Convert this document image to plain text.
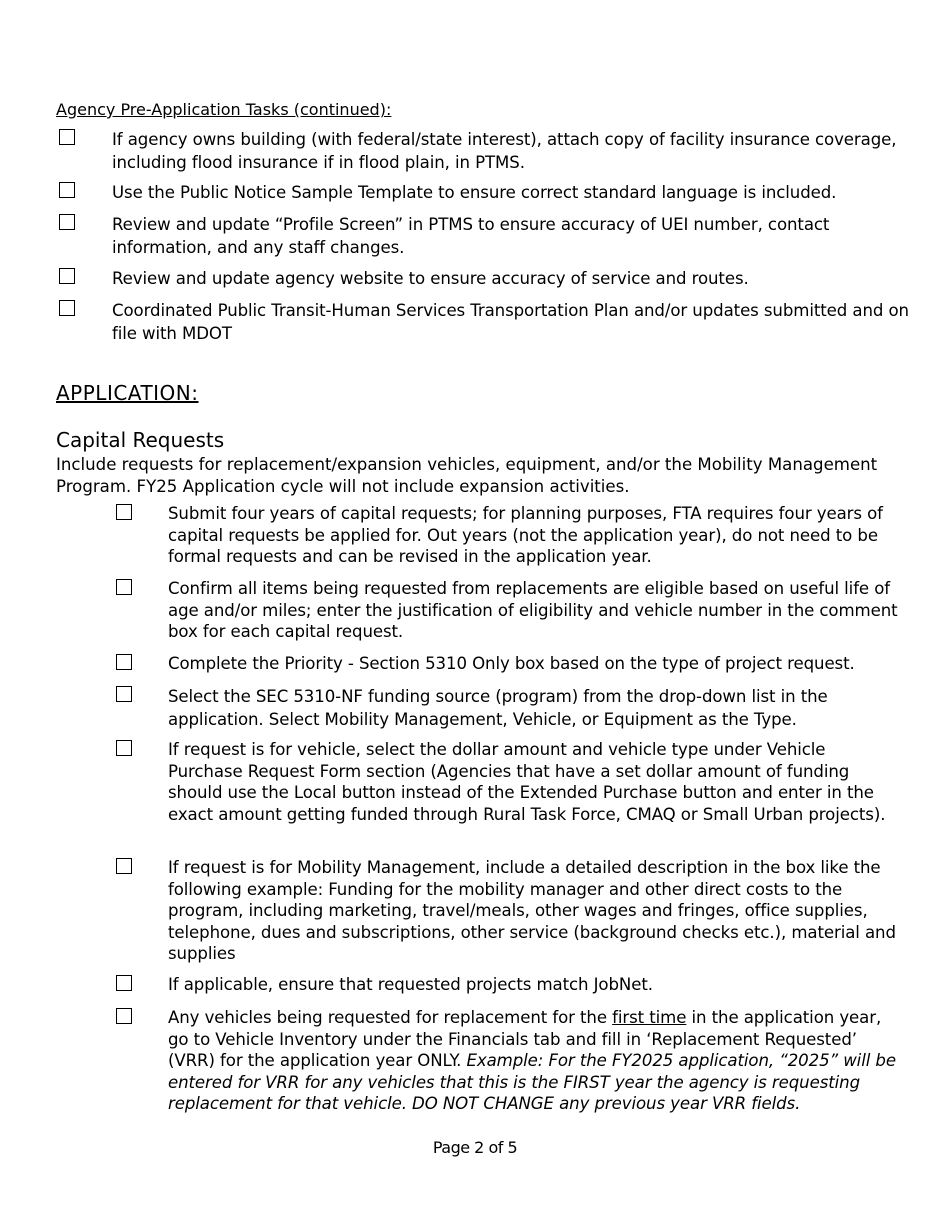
Agency Pre-Application Tasks (continued):
If agency owns building (with federal/state interest), attach copy of facility insurance coverage, including flood insurance if in flood plain, in PTMS.
Use the Public Notice Sample Template to ensure correct standard language is included.
Review and update “Profile Screen” in PTMS to ensure accuracy of UEI number, contact information, and any staff changes.
Review and update agency website to ensure accuracy of service and routes.
Coordinated Public Transit-Human Services Transportation Plan and/or updates submitted and on file with MDOT
APPLICATION:
Capital Requests
Include requests for replacement/expansion vehicles, equipment, and/or the Mobility Management Program. FY25 Application cycle will not include expansion activities.
Submit four years of capital requests; for planning purposes, FTA requires four years of capital requests be applied for. Out years (not the application year), do not need to be formal requests and can be revised in the application year.
Confirm all items being requested from replacements are eligible based on useful life of age and/or miles; enter the justification of eligibility and vehicle number in the comment box for each capital request.
Complete the Priority - Section 5310 Only box based on the type of project request.
Select the SEC 5310-NF funding source (program) from the drop-down list in the application. Select Mobility Management, Vehicle, or Equipment as the Type.
If request is for vehicle, select the dollar amount and vehicle type under Vehicle Purchase Request Form section (Agencies that have a set dollar amount of funding should use the Local button instead of the Extended Purchase button and enter in the exact amount getting funded through Rural Task Force, CMAQ or Small Urban projects).
If request is for Mobility Management, include a detailed description in the box like the following example: Funding for the mobility manager and other direct costs to the program, including marketing, travel/meals, other wages and fringes, office supplies, telephone, dues and subscriptions, other service (background checks etc.), material and supplies
If applicable, ensure that requested projects match JobNet.
Any vehicles being requested for replacement for the first time in the application year, go to Vehicle Inventory under the Financials tab and fill in ‘Replacement Requested’ (VRR) for the application year ONLY. Example: For the FY2025 application, “2025” will be entered for VRR for any vehicles that this is the FIRST year the agency is requesting replacement for that vehicle. DO NOT CHANGE any previous year VRR fields.
Page 2 of 5
